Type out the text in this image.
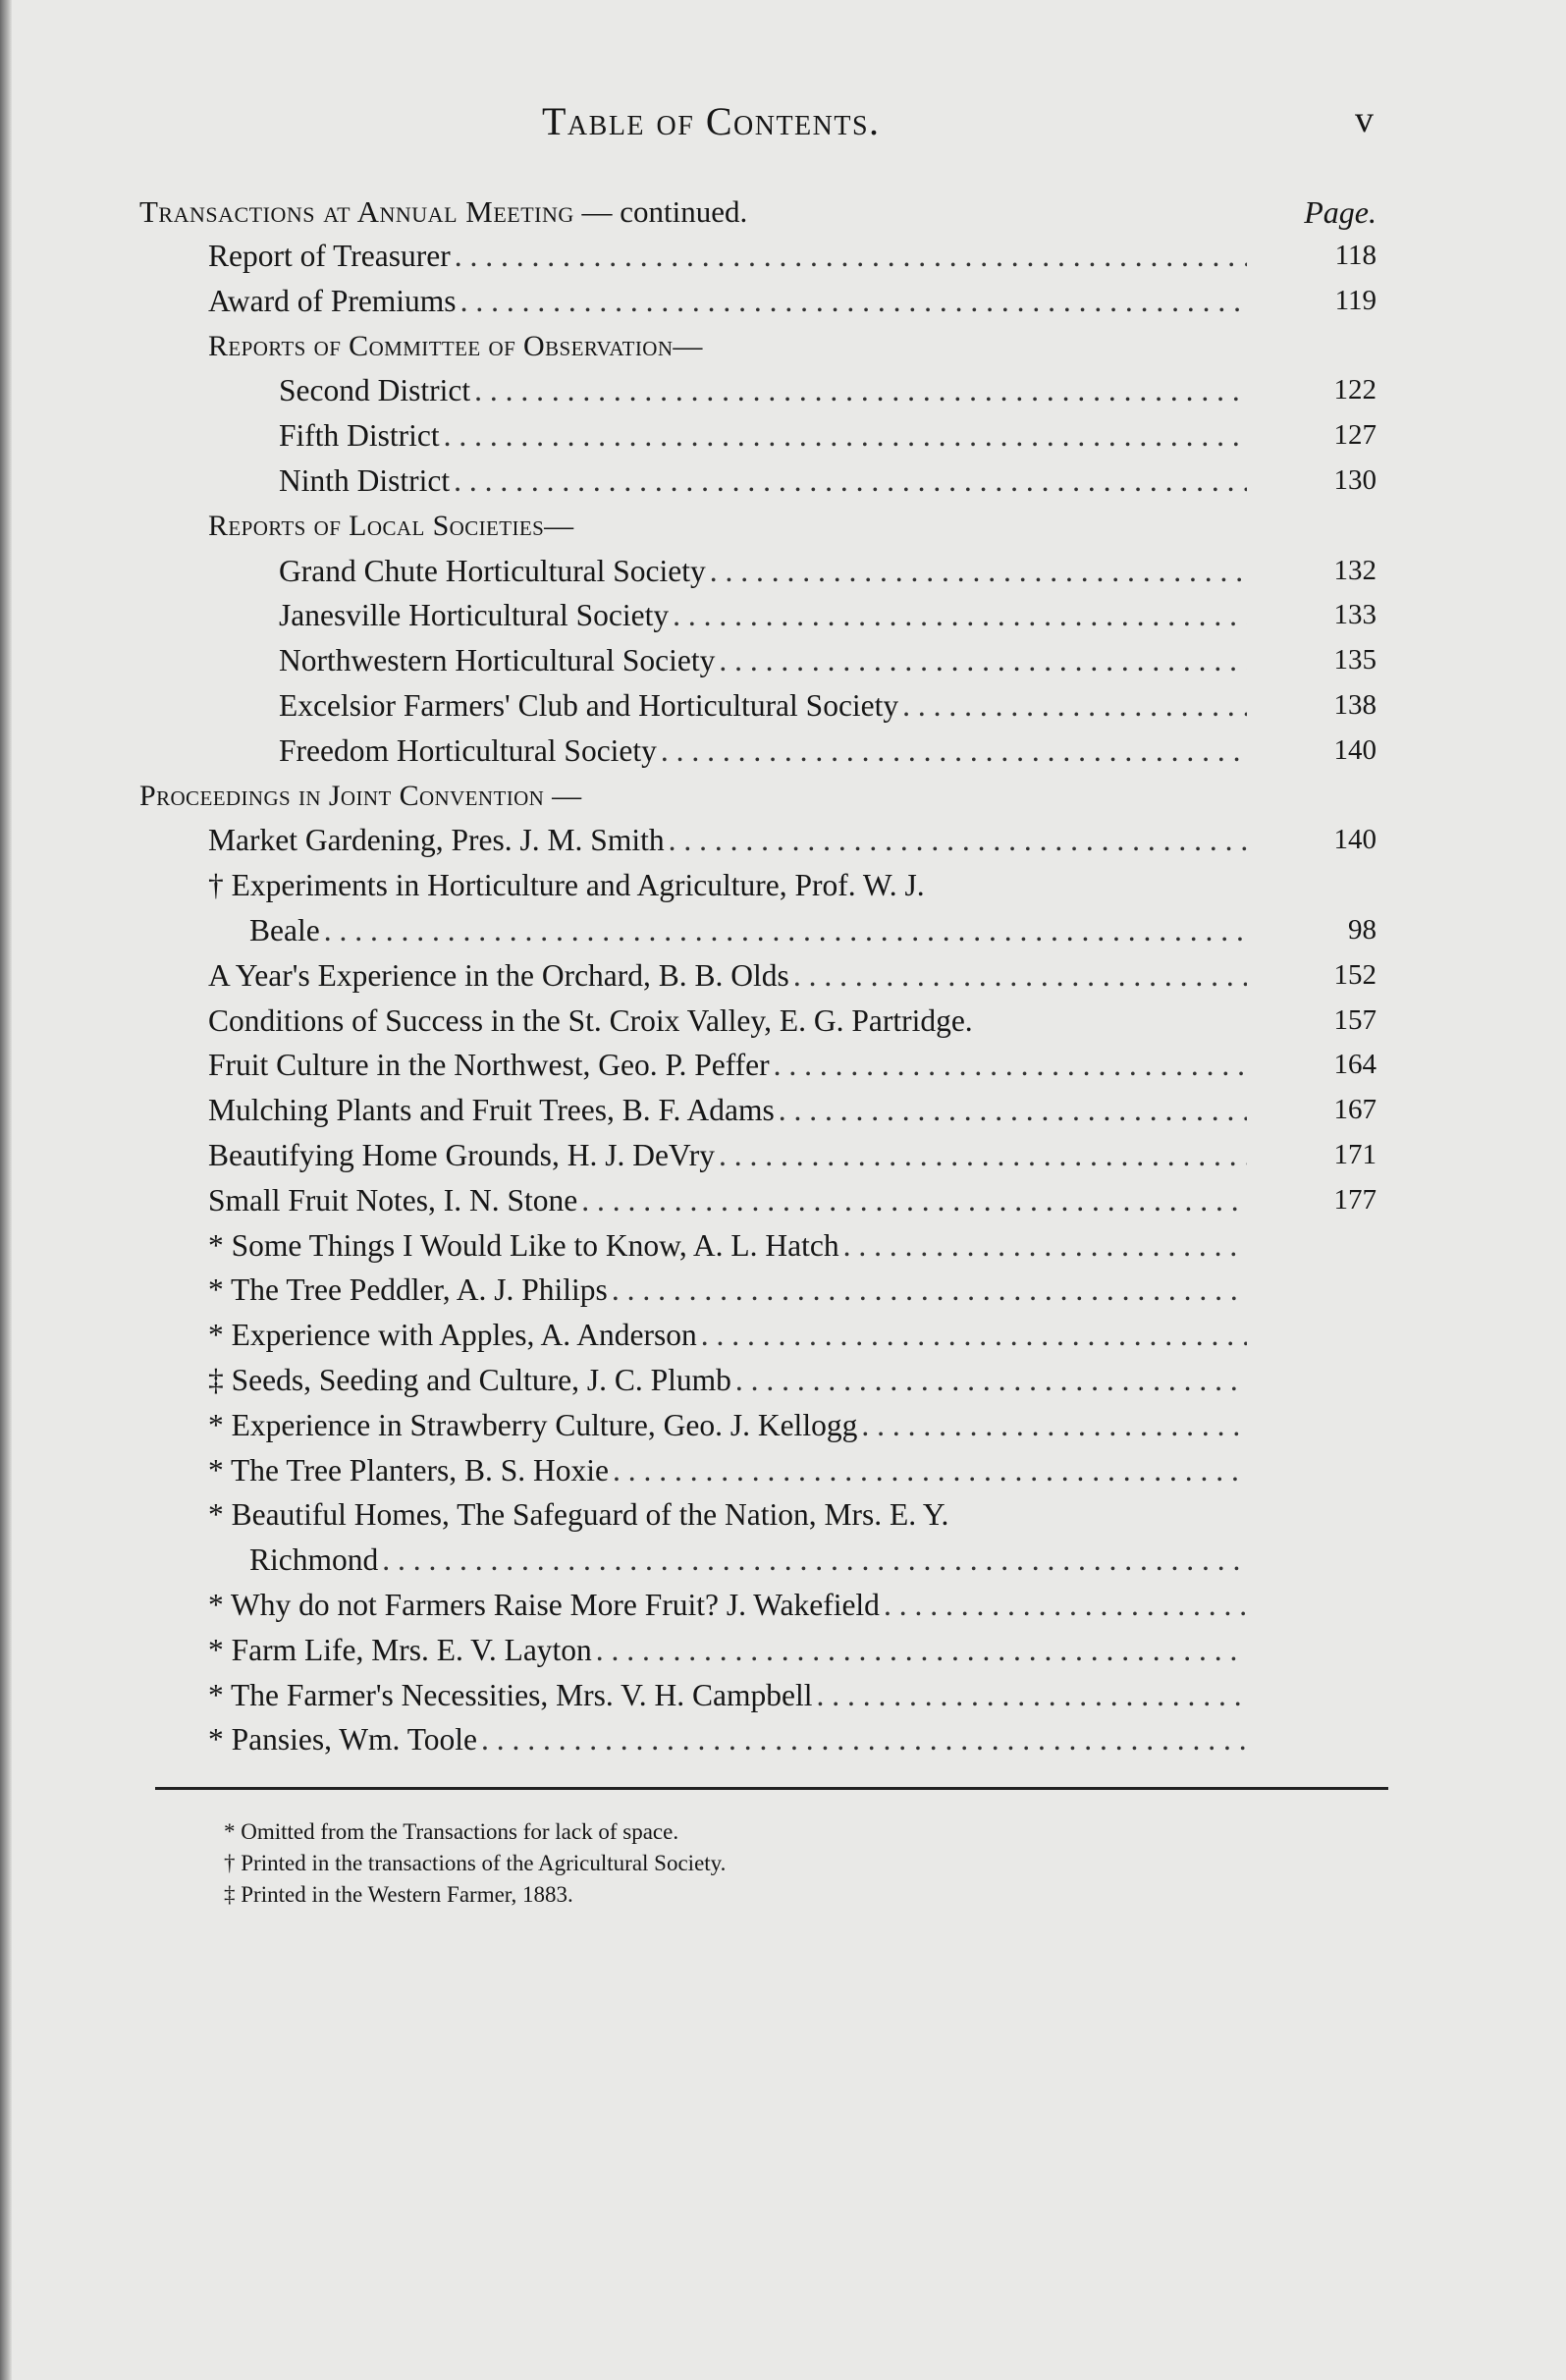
Table of Contents.	v
Transactions at Annual Meeting — continued.	Page.
Report of Treasurer . . .	118
Award of Premiums . . .	119
Reports of Committee of Observation—
Second District . . .	122
Fifth District . . .	127
Ninth District . . .	130
Reports of Local Societies—
Grand Chute Horticultural Society . . .	132
Janesville Horticultural Society . . .	133
Northwestern Horticultural Society . . .	135
Excelsior Farmers' Club and Horticultural Society . . .	138
Freedom Horticultural Society . . .	140
Proceedings in Joint Convention —
Market Gardening, Pres. J. M. Smith . . .	140
† Experiments in Horticulture and Agriculture, Prof. W. J.
Beale . . .	98
A Year's Experience in the Orchard, B. B. Olds . . .	152
Conditions of Success in the St. Croix Valley, E. G. Partridge.	157
Fruit Culture in the Northwest, Geo. P. Peffer . . .	164
Mulching Plants and Fruit Trees, B. F. Adams . . .	167
Beautifying Home Grounds, H. J. DeVry . . .	171
Small Fruit Notes, I. N. Stone . . .	177
* Some Things I Would Like to Know, A. L. Hatch
. . .
* The Tree Peddler, A. J. Philips
. . .
* Experience with Apples, A. Anderson
. . .
‡ Seeds, Seeding and Culture, J. C. Plumb
. . .
* Experience in Strawberry Culture, Geo. J. Kellogg
. . .
* The Tree Planters, B. S. Hoxie
. . .
* Beautiful Homes, The Safeguard of the Nation, Mrs. E. Y.
Richmond
. . .
* Why do not Farmers Raise More Fruit? J. Wakefield
. . .
* Farm Life, Mrs. E. V. Layton
. . .
* The Farmer's Necessities, Mrs. V. H. Campbell
. . .
* Pansies, Wm. Toole
. . .
* Omitted from the Transactions for lack of space.
† Printed in the transactions of the Agricultural Society.
‡ Printed in the Western Farmer, 1883.
